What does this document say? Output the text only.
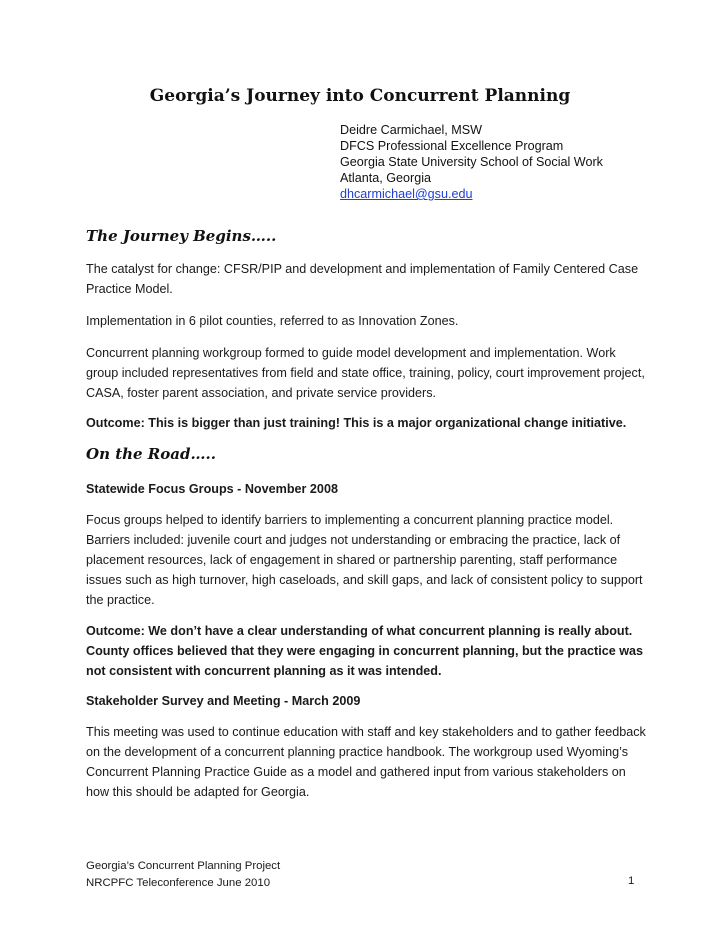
Georgia’s Journey into Concurrent Planning
Deidre Carmichael, MSW
DFCS Professional Excellence Program
Georgia State University School of Social Work
Atlanta, Georgia
dhcarmichael@gsu.edu
The Journey Begins…..
The catalyst for change: CFSR/PIP and development and implementation of Family Centered Case Practice Model.
Implementation in 6 pilot counties, referred to as Innovation Zones.
Concurrent planning workgroup formed to guide model development and implementation. Work group included representatives from field and state office, training, policy, court improvement project, CASA, foster parent association, and private service providers.
Outcome: This is bigger than just training! This is a major organizational change initiative.
On the Road…..
Statewide Focus Groups - November 2008
Focus groups helped to identify barriers to implementing a concurrent planning practice model. Barriers included: juvenile court and judges not understanding or embracing the practice, lack of placement resources, lack of engagement in shared or partnership parenting, staff performance issues such as high turnover, high caseloads, and skill gaps, and lack of consistent policy to support the practice.
Outcome: We don’t have a clear understanding of what concurrent planning is really about. County offices believed that they were engaging in concurrent planning, but the practice was not consistent with concurrent planning as it was intended.
Stakeholder Survey and Meeting - March 2009
This meeting was used to continue education with staff and key stakeholders and to gather feedback on the development of a concurrent planning practice handbook. The workgroup used Wyoming’s Concurrent Planning Practice Guide as a model and gathered input from various stakeholders on how this should be adapted for Georgia.
Georgia’s Concurrent Planning Project
NRCPFC Teleconference June 2010	1
